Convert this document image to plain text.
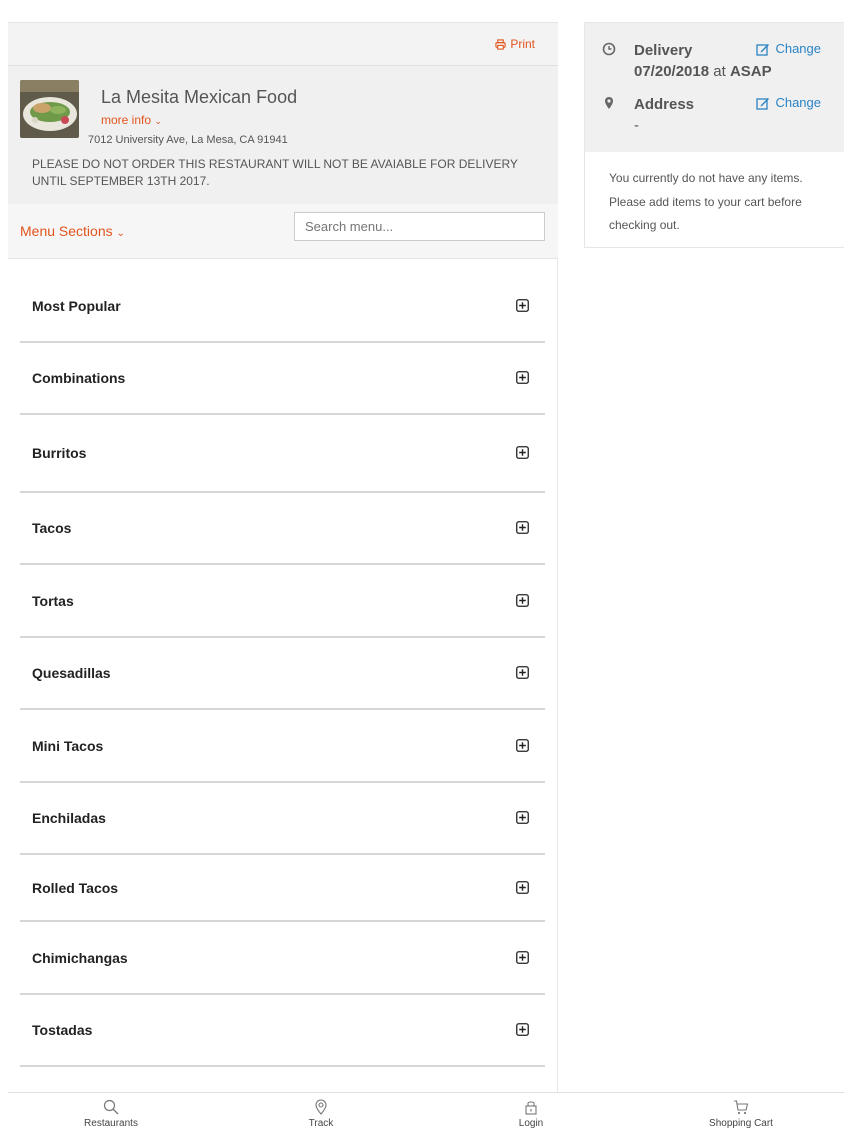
Print
La Mesita Mexican Food
more info ⌄
7012 University Ave, La Mesa, CA 91941
PLEASE DO NOT ORDER THIS RESTAURANT WILL NOT BE AVAIABLE FOR DELIVERY UNTIL SEPTEMBER 13TH 2017.
Menu Sections ⌄
Search menu...
Most Popular
Combinations
Burritos
Tacos
Tortas
Quesadillas
Mini Tacos
Enchiladas
Rolled Tacos
Chimichangas
Tostadas
Delivery
07/20/2018 at ASAP
Change
Address
-
Change
You currently do not have any items. Please add items to your cart before checking out.
Restaurants	Track	Login	Shopping Cart
